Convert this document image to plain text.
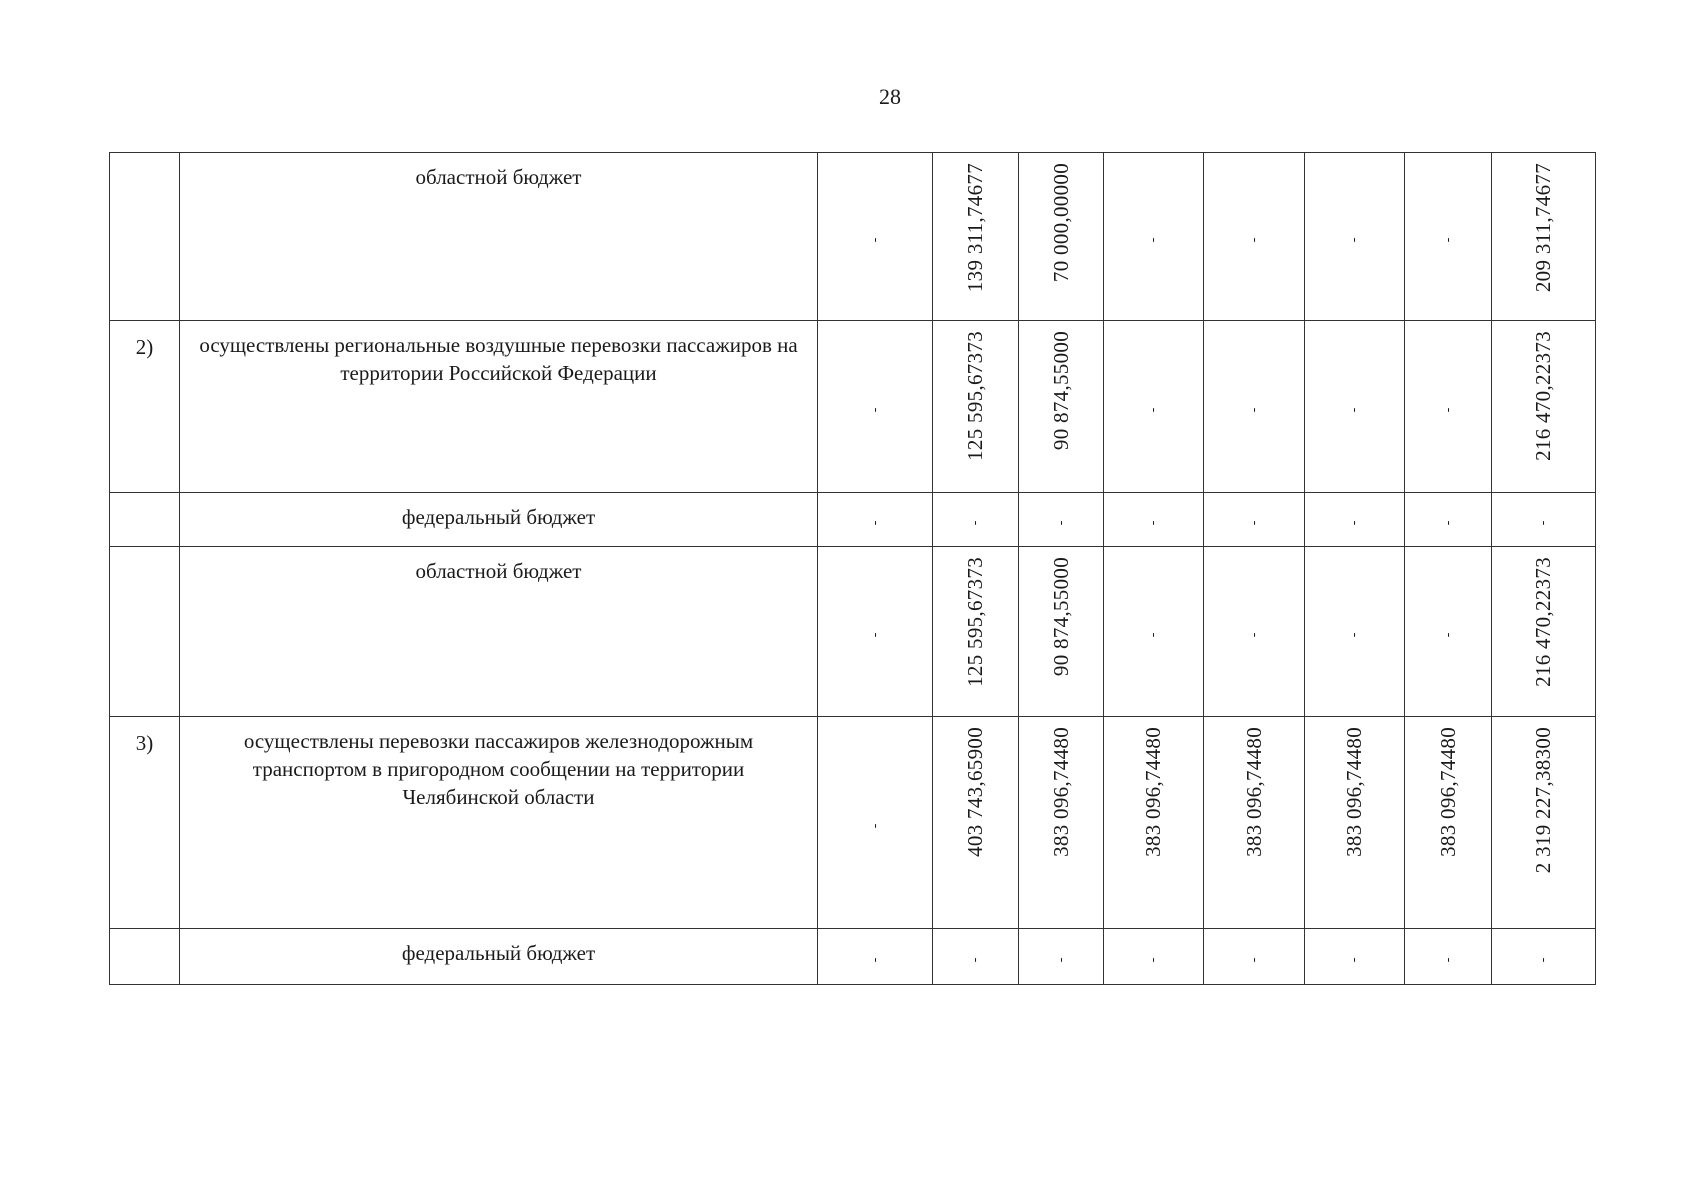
28
	областной бюджет	-	139 311,74677	70 000,00000	-	-	-	-	209 311,74677
2)	осуществлены региональные воздушные перевозки пассажиров на территории Российской Федерации	-	125 595,67373	90 874,55000	-	-	-	-	216 470,22373
	федеральный бюджет	-	-	-	-	-	-	-	-
	областной бюджет	-	125 595,67373	90 874,55000	-	-	-	-	216 470,22373
3)	осуществлены перевозки пассажиров железнодорожным транспортом в пригородном сообщении на территории Челябинской области	-	403 743,65900	383 096,74480	383 096,74480	383 096,74480	383 096,74480	383 096,74480	2 319 227,38300
	федеральный бюджет	-	-	-	-	-	-	-	-
